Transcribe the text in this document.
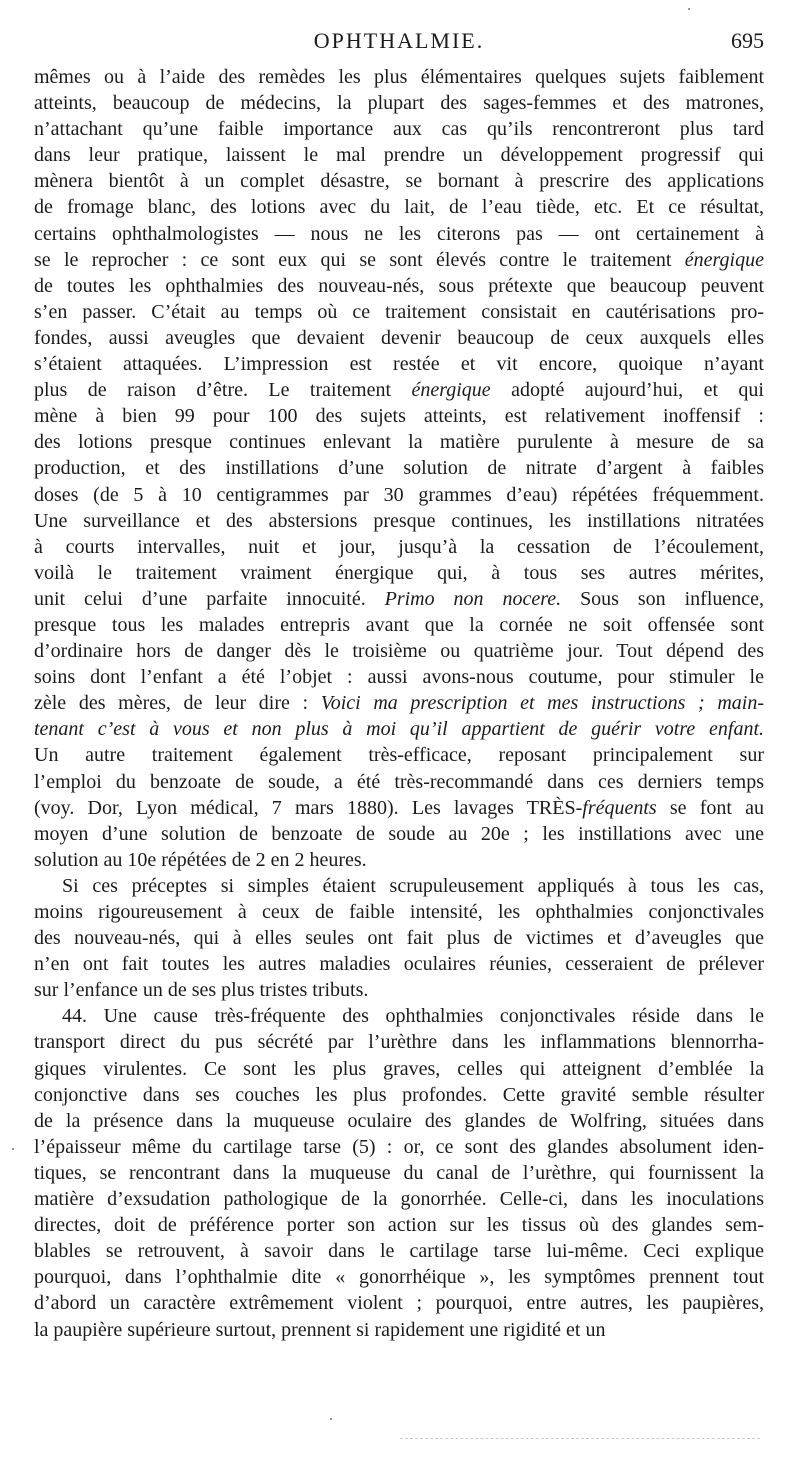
OPHTHALMIE.	695
mêmes ou à l’aide des remèdes les plus élémentaires quelques sujets faiblement
atteints, beaucoup de médecins, la plupart des sages-femmes et des matrones,
n’attachant qu’une faible importance aux cas qu’ils rencontreront plus tard
dans leur pratique, laissent le mal prendre un développement progressif qui
mènera bientôt à un complet désastre, se bornant à prescrire des applications
de fromage blanc, des lotions avec du lait, de l’eau tiède, etc. Et ce résultat,
certains ophthalmologistes — nous ne les citerons pas — ont certainement à
se le reprocher : ce sont eux qui se sont élevés contre le traitement énergique
de toutes les ophthalmies des nouveau-nés, sous prétexte que beaucoup peuvent
s’en passer. C’était au temps où ce traitement consistait en cautérisations pro-
fondes, aussi aveugles que devaient devenir beaucoup de ceux auxquels elles
s’étaient attaquées. L’impression est restée et vit encore, quoique n’ayant
plus de raison d’être. Le traitement énergique adopté aujourd’hui, et qui
mène à bien 99 pour 100 des sujets atteints, est relativement inoffensif :
des lotions presque continues enlevant la matière purulente à mesure de sa
production, et des instillations d’une solution de nitrate d’argent à faibles
doses (de 5 à 10 centigrammes par 30 grammes d’eau) répétées fréquemment.
Une surveillance et des abstersions presque continues, les instillations nitratées
à courts intervalles, nuit et jour, jusqu’à la cessation de l’écoulement,
voilà le traitement vraiment énergique qui, à tous ses autres mérites,
unit celui d’une parfaite innocuité. Primo non nocere. Sous son influence,
presque tous les malades entrepris avant que la cornée ne soit offensée sont
d’ordinaire hors de danger dès le troisième ou quatrième jour. Tout dépend des
soins dont l’enfant a été l’objet : aussi avons-nous coutume, pour stimuler le
zèle des mères, de leur dire : Voici ma prescription et mes instructions ; main-
tenant c’est à vous et non plus à moi qu’il appartient de guérir votre enfant.
Un autre traitement également très-efficace, reposant principalement sur
l’emploi du benzoate de soude, a été très-recommandé dans ces derniers temps
(voy. Dor, Lyon médical, 7 mars 1880). Les lavages TRÈS-fréquents se font au
moyen d’une solution de benzoate de soude au 20e ; les instillations avec une
solution au 10e répétées de 2 en 2 heures.
Si ces préceptes si simples étaient scrupuleusement appliqués à tous les cas,
moins rigoureusement à ceux de faible intensité, les ophthalmies conjonctivales
des nouveau-nés, qui à elles seules ont fait plus de victimes et d’aveugles que
n’en ont fait toutes les autres maladies oculaires réunies, cesseraient de prélever
sur l’enfance un de ses plus tristes tributs.
44. Une cause très-fréquente des ophthalmies conjonctivales réside dans le
transport direct du pus sécrété par l’urèthre dans les inflammations blennorrha-
giques virulentes. Ce sont les plus graves, celles qui atteignent d’emblée la
conjonctive dans ses couches les plus profondes. Cette gravité semble résulter
de la présence dans la muqueuse oculaire des glandes de Wolfring, situées dans
l’épaisseur même du cartilage tarse (5) : or, ce sont des glandes absolument iden-
tiques, se rencontrant dans la muqueuse du canal de l’urèthre, qui fournissent la
matière d’exsudation pathologique de la gonorrhée. Celle-ci, dans les inoculations
directes, doit de préférence porter son action sur les tissus où des glandes sem-
blables se retrouvent, à savoir dans le cartilage tarse lui-même. Ceci explique
pourquoi, dans l’ophthalmie dite « gonorrhéique », les symptômes prennent tout
d’abord un caractère extrêmement violent ; pourquoi, entre autres, les paupières,
la paupière supérieure surtout, prennent si rapidement une rigidité et un
